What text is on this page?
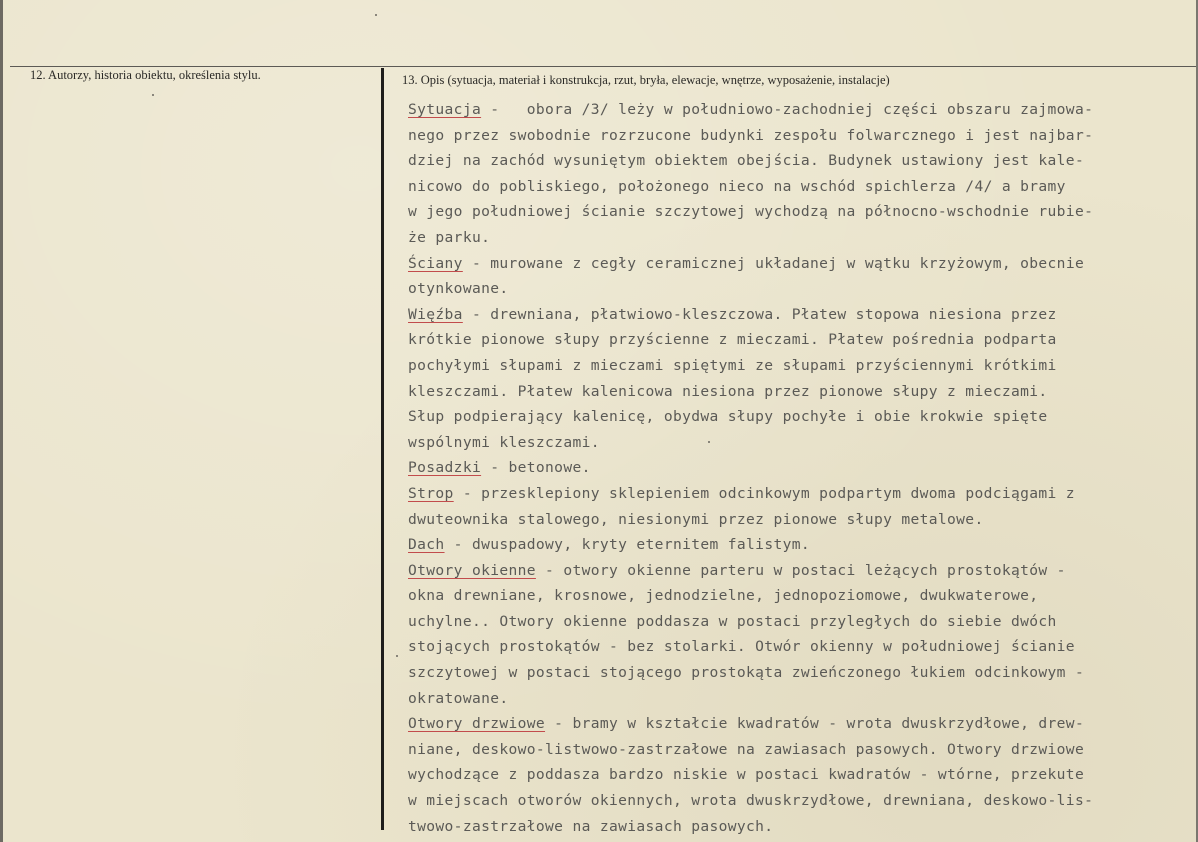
12. Autorzy, historia obiektu, określenia stylu.	13. Opis (sytuacja, materiał i konstrukcja, rzut, bryła, elewacje, wnętrze, wyposażenie, instalacje)
Sytuacja -   obora /3/ leży w południowo-zachodniej części obszaru zajmowa-
nego przez swobodnie rozrzucone budynki zespołu folwarcznego i jest najbar-
dziej na zachód wysuniętym obiektem obejścia. Budynek ustawiony jest kale-
nicowo do pobliskiego, położonego nieco na wschód spichlerza /4/ a bramy
w jego południowej ścianie szczytowej wychodzą na północno-wschodnie rubie-
że parku.
Ściany - murowane z cegły ceramicznej układanej w wątku krzyżowym, obecnie
otynkowane.
Więźba - drewniana, płatwiowo-kleszczowa. Płatew stopowa niesiona przez
krótkie pionowe słupy przyścienne z mieczami. Płatew pośrednia podparta
pochyłymi słupami z mieczami spiętymi ze słupami przyściennymi krótkimi
kleszczami. Płatew kalenicowa niesiona przez pionowe słupy z mieczami.
Słup podpierający kalenicę, obydwa słupy pochyłe i obie krokwie spięte
wspólnymi kleszczami.
Posadzki - betonowe.
Strop - przesklepiony sklepieniem odcinkowym podpartym dwoma podciągami z
dwuteownika stalowego, niesionymi przez pionowe słupy metalowe.
Dach - dwuspadowy, kryty eternitem falistym.
Otwory okienne - otwory okienne parteru w postaci leżących prostokątów -
okna drewniane, krosnowe, jednodzielne, jednopoziomowe, dwukwaterowe,
uchylne.. Otwory okienne poddasza w postaci przyległych do siebie dwóch
stojących prostokątów - bez stolarki. Otwór okienny w południowej ścianie
szczytowej w postaci stojącego prostokąta zwieńczonego łukiem odcinkowym -
okratowane.
Otwory drzwiowe - bramy w kształcie kwadratów - wrota dwuskrzydłowe, drew-
niane, deskowo-listwowo-zastrzałowe na zawiasach pasowych. Otwory drzwiowe
wychodzące z poddasza bardzo niskie w postaci kwadratów - wtórne, przekute
w miejscach otworów okiennych, wrota dwuskrzydłowe, drewniana, deskowo-lis-
twowo-zastrzałowe na zawiasach pasowych.
